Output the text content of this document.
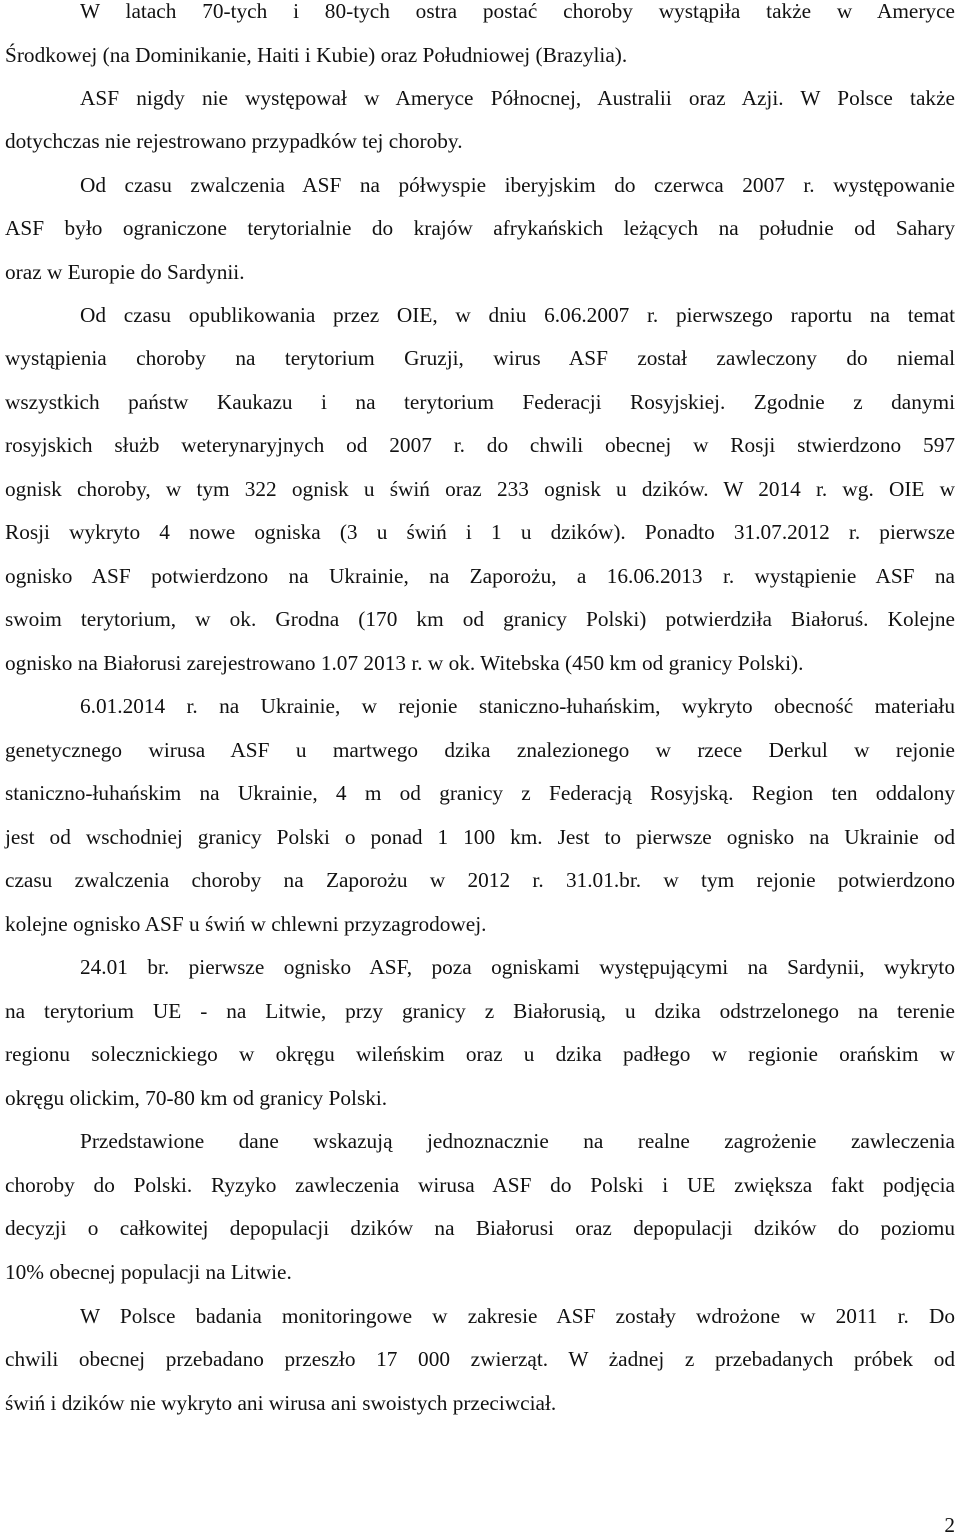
W latach 70-tych i 80-tych ostra postać choroby wystąpiła także w Ameryce
Środkowej (na Dominikanie, Haiti i Kubie) oraz Południowej (Brazylia).
ASF nigdy nie występował w Ameryce Północnej, Australii oraz Azji. W Polsce także
dotychczas nie rejestrowano przypadków tej choroby.
Od czasu zwalczenia ASF na półwyspie iberyjskim do czerwca 2007 r. występowanie
ASF było ograniczone terytorialnie do krajów afrykańskich leżących na południe od Sahary
oraz w Europie do Sardynii.
Od czasu opublikowania przez OIE, w dniu 6.06.2007 r. pierwszego raportu na temat
wystąpienia choroby na terytorium Gruzji, wirus ASF został zawleczony do niemal
wszystkich państw Kaukazu i na terytorium Federacji Rosyjskiej. Zgodnie z danymi
rosyjskich służb weterynaryjnych od 2007 r. do chwili obecnej w Rosji stwierdzono 597
ognisk choroby, w tym 322 ognisk u świń oraz 233 ognisk u dzików. W 2014 r. wg. OIE w
Rosji wykryto 4 nowe ogniska (3 u świń i 1 u dzików). Ponadto 31.07.2012 r. pierwsze
ognisko ASF potwierdzono na Ukrainie, na Zaporożu, a 16.06.2013 r. wystąpienie ASF na
swoim terytorium, w ok. Grodna (170 km od granicy Polski) potwierdziła Białoruś. Kolejne
ognisko na Białorusi zarejestrowano 1.07 2013 r. w ok. Witebska (450 km od granicy Polski).
6.01.2014 r. na Ukrainie, w rejonie staniczno-łuhańskim, wykryto obecność materiału
genetycznego wirusa ASF u martwego dzika znalezionego w rzece Derkul w rejonie
staniczno-łuhańskim na Ukrainie, 4 m od granicy z Federacją Rosyjską. Region ten oddalony
jest od wschodniej granicy Polski o ponad 1 100 km. Jest to pierwsze ognisko na Ukrainie od
czasu zwalczenia choroby na Zaporożu w 2012 r. 31.01.br. w tym rejonie potwierdzono
kolejne ognisko ASF u świń w chlewni przyzagrodowej.
24.01 br. pierwsze ognisko ASF, poza ogniskami występującymi na Sardynii, wykryto
na terytorium UE - na Litwie, przy granicy z Białorusią, u dzika odstrzelonego na terenie
regionu solecznickiego w okręgu wileńskim oraz u dzika padłego w regionie orańskim w
okręgu olickim, 70-80 km od granicy Polski.
Przedstawione dane wskazują jednoznacznie na realne zagrożenie zawleczenia
choroby do Polski. Ryzyko zawleczenia wirusa ASF do Polski i UE zwiększa fakt podjęcia
decyzji o całkowitej depopulacji dzików na Białorusi oraz depopulacji dzików do poziomu
10% obecnej populacji na Litwie.
W Polsce badania monitoringowe w zakresie ASF zostały wdrożone w 2011 r. Do
chwili obecnej przebadano przeszło 17 000 zwierząt. W żadnej z przebadanych próbek od
świń i dzików nie wykryto ani wirusa ani swoistych przeciwciał.
2
